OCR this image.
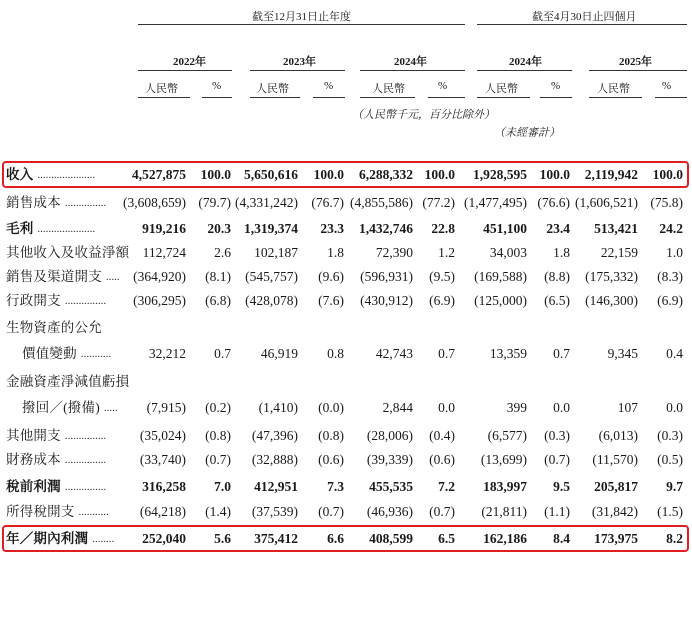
截至12月31日止年度	截至4月30日止四個月
2022年	2023年	2024年	2024年	2025年
人民幣	%	人民幣	%	人民幣	%	人民幣	%	人民幣	%
（人民幣千元，百分比除外）
（未經審計）
收入 .....................	4,527,875 100.0 5,650,616 100.0 6,288,332 100.0 1,928,595 100.0 2,119,942 100.0
銷售成本 ............... (3,608,659) (79.7) (4,331,242) (76.7) (4,855,586) (77.2) (1,477,495) (76.6) (1,606,521) (75.8)
毛利 .....................	919,216 20.3 1,319,374 23.3 1,432,746 22.8 451,100 23.4 513,421 24.2
其他收入及收益淨額 112,724 2.6 102,187 1.8 72,390 1.2	34,003 1.8 22,159 1.0
銷售及渠道開支 ..... (364,920) (8.1) (545,757) (9.6) (596,931) (9.5) (169,588) (8.8) (175,332) (8.3)
行政開支 ............... (306,295) (6.8) (428,078) (7.6) (430,912) (6.9) (125,000) (6.5) (146,300) (6.9)
生物資產的公允
價值變動 ...........	32,212 0.7 46,919 0.8 42,743 0.7	13,359 0.7	9,345 0.4
金融資產淨減值虧損
撥回／(撥備) ..... (7,915) (0.2) (1,410) (0.0)	2,844 0.0	399 0.0	107 0.0
其他開支 ...............	(35,024) (0.8) (47,396) (0.8) (28,006) (0.4) (6,577) (0.3) (6,013) (0.3)
財務成本 ...............	(33,740) (0.7) (32,888) (0.6) (39,339) (0.6) (13,699) (0.7) (11,570) (0.5)
稅前利潤 ...............	316,258 7.0 412,951 7.3 455,535 7.2 183,997 9.5 205,817 9.7
所得稅開支 ........... (64,218) (1.4) (37,539) (0.7) (46,936) (0.7) (21,811) (1.1) (31,842) (1.5)
年／期內利潤 ........ 252,040 5.6 375,412 6.6 408,599 6.5 162,186 8.4 173,975 8.2
